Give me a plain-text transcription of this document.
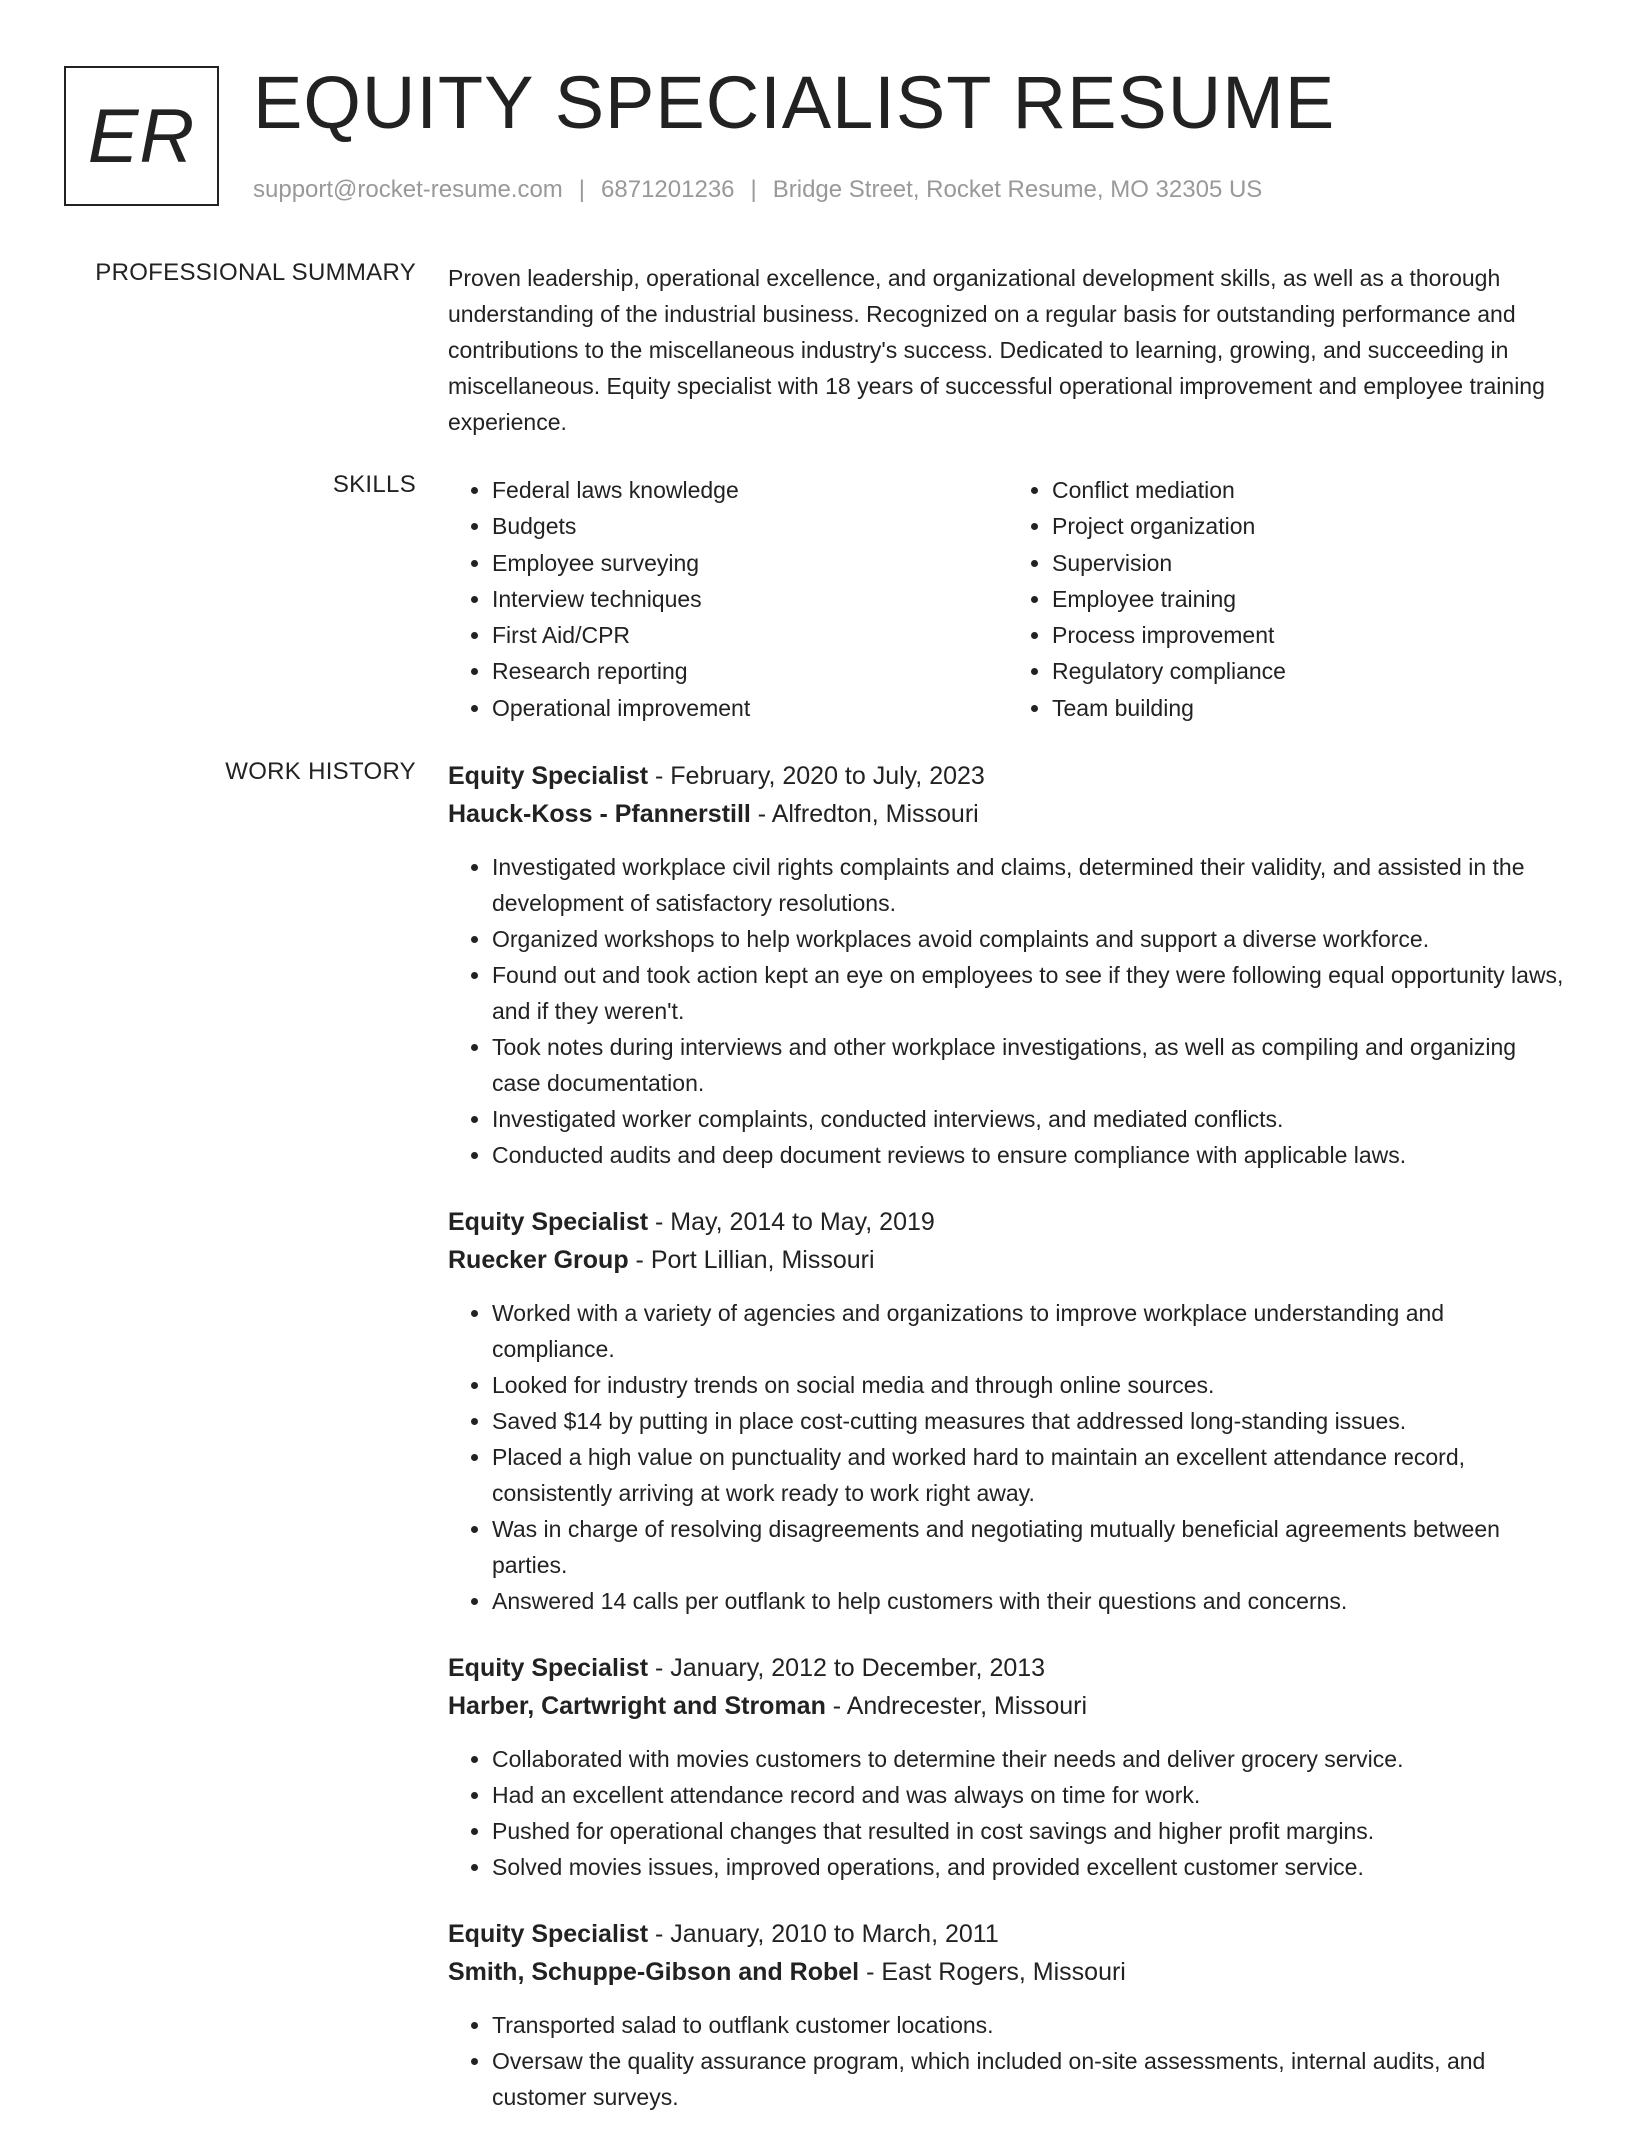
ER EQUITY SPECIALIST RESUME
support@rocket-resume.com | 6871201236 | Bridge Street, Rocket Resume, MO 32305 US
PROFESSIONAL SUMMARY Proven leadership, operational excellence, and organizational development skills, as well as a thorough understanding of the industrial business. Recognized on a regular basis for outstanding performance and contributions to the miscellaneous industry's success. Dedicated to learning, growing, and succeeding in miscellaneous. Equity specialist with 18 years of successful operational improvement and employee training experience.

SKILLS
•	Federal laws knowledge
• Budgets
• Employee surveying
• Interview techniques
• First Aid/CPR
• Research reporting
• Operational improvement
• Conflict mediation
• Project organization
• Supervision
• Employee training
• Process improvement
• Regulatory compliance
• Team building
WORK HISTORY Equity Specialist - February, 2020 to July, 2023
Hauck-Koss - Pfannerstill - Alfredton, Missouri
• Investigated workplace civil rights complaints and claims, determined their validity, and assisted in the development of satisfactory resolutions.
• Organized workshops to help workplaces avoid complaints and support a diverse workforce.
• Found out and took action kept an eye on employees to see if they were following equal opportunity laws, and if they weren't.
• Took notes during interviews and other workplace investigations, as well as compiling and organizing case documentation.
• Investigated worker complaints, conducted interviews, and mediated conflicts.
• Conducted audits and deep document reviews to ensure compliance with applicable laws.
Equity Specialist - May, 2014 to May, 2019
Ruecker Group - Port Lillian, Missouri
• Worked with a variety of agencies and organizations to improve workplace understanding and compliance.
• Looked for industry trends on social media and through online sources.
• Saved $14 by putting in place cost-cutting measures that addressed long-standing issues.
• Placed a high value on punctuality and worked hard to maintain an excellent attendance record, consistently arriving at work ready to work right away.
• Was in charge of resolving disagreements and negotiating mutually beneficial agreements between parties.
• Answered 14 calls per outflank to help customers with their questions and concerns.
Equity Specialist - January, 2012 to December, 2013
Harber, Cartwright and Stroman - Andrecester, Missouri
• Collaborated with movies customers to determine their needs and deliver grocery service.
• Had an excellent attendance record and was always on time for work.
• Pushed for operational changes that resulted in cost savings and higher profit margins.
• Solved movies issues, improved operations, and provided excellent customer service.
Equity Specialist - January, 2010 to March, 2011
Smith, Schuppe-Gibson and Robel - East Rogers, Missouri
• Transported salad to outflank customer locations.
• Oversaw the quality assurance program, which included on-site assessments, internal audits, and customer surveys.
